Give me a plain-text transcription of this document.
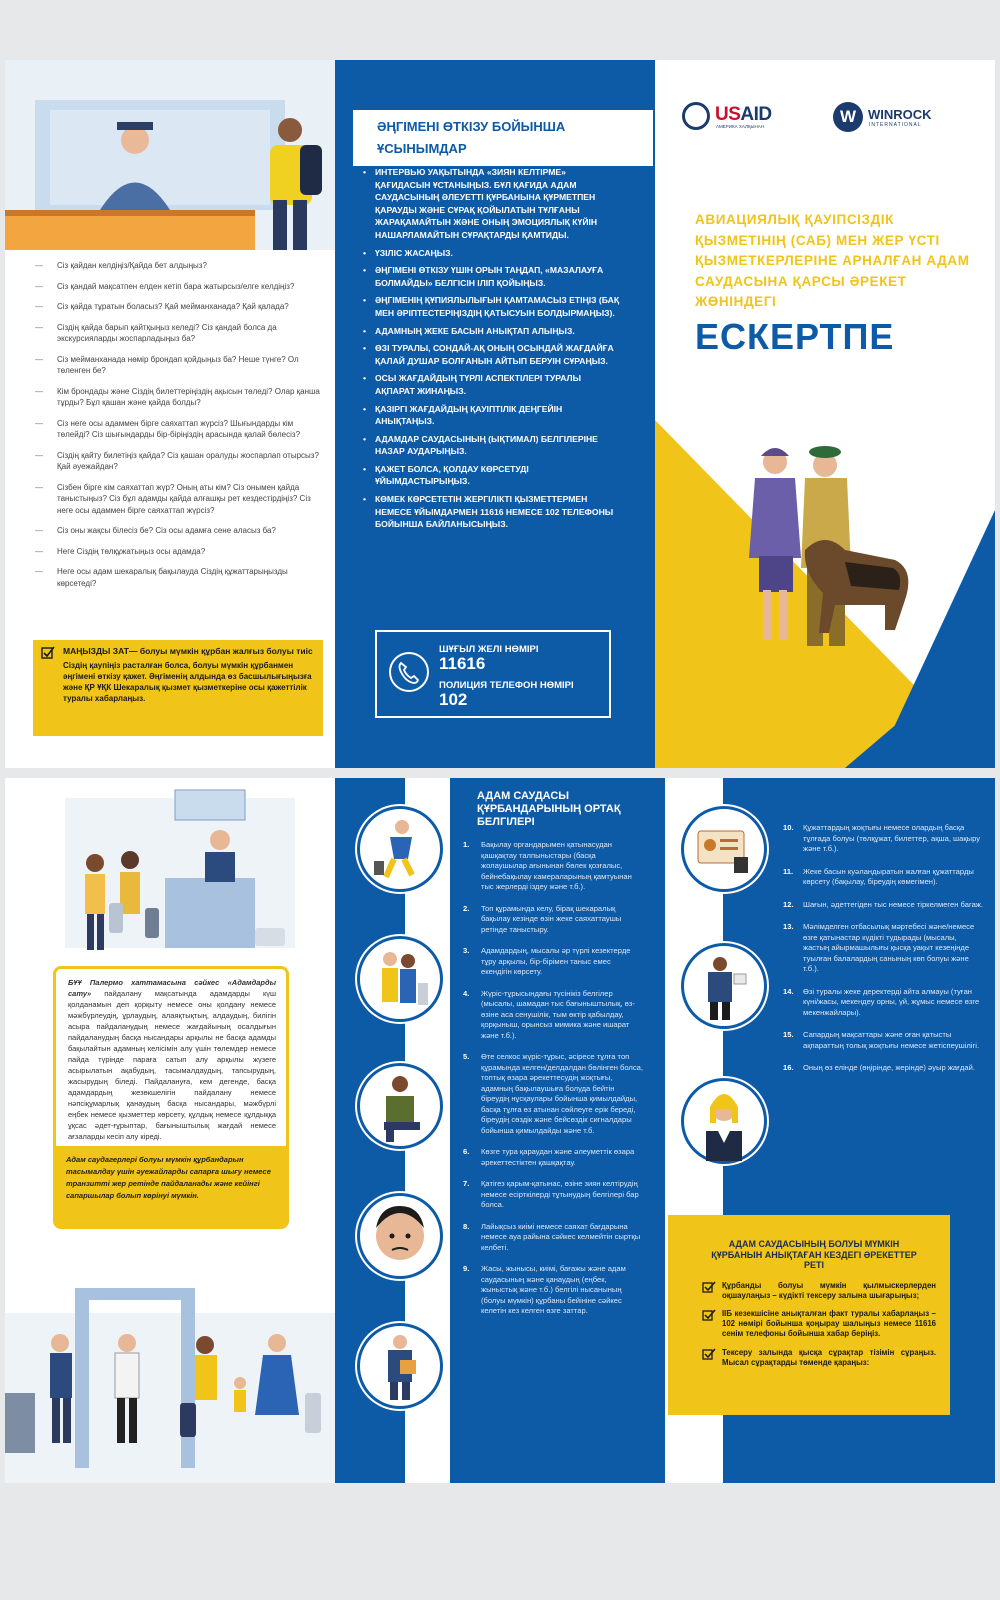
— Сіз қайдан келдіңіз/Қайда бет алдыңыз?
— Сіз қандай мақсатпен елден кетіп бара жатырсыз/елге келдіңіз?
— Сіз қайда тұратын боласыз? Қай мейманханада? Қай қалада?
— Сіздің қайда барып қайтқыңыз келеді? Сіз қандай болса да экскурсияларды жоспарладыңыз ба?
— Сіз мейманханада нөмір брондап қойдыңыз ба? Неше түнге? Ол төленген бе?
— Кім брондады және Сіздің билеттеріңіздің ақысын төледі? Олар қанша тұрды? Бұл қашан және қайда болды?
— Сіз неге осы адаммен бірге саяхаттап жүрсіз? Шығындарды кім төлейді? Сіз шығындарды бір-біріңіздің арасында қалай бөлесіз?
— Сіздің қайту билетіңіз қайда? Сіз қашан оралуды жоспарлап отырсыз? Қай әуежайдан?
— Сізбен бірге кім саяхаттап жүр? Оның аты кім? Сіз онымен қайда таныстыңыз? Сіз бұл адамды қайда алғашқы рет кездестірдіңіз? Сіз неге осы адаммен бірге саяхаттап жүрсіз?
— Сіз оны жақсы білесіз бе? Сіз осы адамға сене аласыз ба?
— Неге Сіздің төлқұжатыңыз осы адамда?
— Неге осы адам шекаралық бақылауда Сіздің құжаттарыңызды көрсетеді?
МАҢЫЗДЫ ЗАТ— болуы мүмкін құрбан жалғыз болуы тиіс
Сіздің қаупіңіз расталған болса, болуы мүмкін құрбанмен әңгімені өткізу қажет. Әңгіменің алдында өз басшылығыңызға және ҚР ҰҚК Шекаралық қызмет қызметкеріне осы қажеттілік туралы хабарлаңыз.
ӘҢГІМЕНІ ӨТКІЗУ БОЙЫНША ҰСЫНЫМДАР
• ИНТЕРВЬЮ УАҚЫТЫНДА «ЗИЯН КЕЛТІРМЕ» ҚАҒИДАСЫН ҰСТАНЫҢЫЗ. БҰЛ ҚАҒИДА АДАМ САУДАСЫНЫҢ ӘЛЕУЕТТІ ҚҰРБАНЫНА ҚҰРМЕТПЕН ҚАРАУДЫ ЖӘНЕ СҰРАҚ ҚОЙЫЛАТЫН ТҰЛҒАНЫ ЖАРАҚАМАЙТЫН ЖӘНЕ ОНЫҢ ЭМОЦИЯЛЫҚ КҮЙІН НАШАРЛАМАЙТЫН СҰРАҚТАРДЫ ҚАМТИДЫ.
• ҮЗІЛІС ЖАСАҢЫЗ.
• ӘҢГІМЕНІ ӨТКІЗУ ҮШІН ОРЫН ТАҢДАП, «МАЗАЛАУҒА БОЛМАЙДЫ» БЕЛГІСІН ІЛІП ҚОЙЫҢЫЗ.
• ӘҢГІМЕНІҢ ҚҰПИЯЛЫЛЫҒЫН ҚАМТАМАСЫЗ ЕТІҢІЗ (БАҚ МЕН ӘРІПТЕСТЕРІҢІЗДІҢ ҚАТЫСУЫН БОЛДЫРМАҢЫЗ).
• АДАМНЫҢ ЖЕКЕ БАСЫН АНЫҚТАП АЛЫҢЫЗ.
• ӨЗІ ТУРАЛЫ, СОНДАЙ-АҚ ОНЫҢ ОСЫНДАЙ ЖАҒДАЙҒА ҚАЛАЙ ДУШАР БОЛҒАНЫН АЙТЫП БЕРУІН СҰРАҢЫЗ.
• ОСЫ ЖАҒДАЙДЫҢ ТҮРЛІ АСПЕКТІЛЕРІ ТУРАЛЫ АҚПАРАТ ЖИНАҢЫЗ.
• ҚАЗІРГІ ЖАҒДАЙДЫҢ ҚАУІПТІЛІК ДЕҢГЕЙІН АНЫҚТАҢЫЗ.
• АДАМДАР САУДАСЫНЫҢ (ЫҚТИМАЛ) БЕЛГІЛЕРІНЕ НАЗАР АУДАРЫҢЫЗ.
• ҚАЖЕТ БОЛСА, ҚОЛДАУ КӨРСЕТУДІ ҰЙЫМДАСТЫРЫҢЫЗ.
• КӨМЕК КӨРСЕТЕТІН ЖЕРГІЛІКТІ ҚЫЗМЕТТЕРМЕН НЕМЕСЕ ҰЙЫМДАРМЕН 11616 НЕМЕСЕ 102 ТЕЛЕФОНЫ БОЙЫНША БАЙЛАНЫСЫҢЫЗ.
ШҰҒЫЛ ЖЕЛІ НӨМІРІ
11616
ПОЛИЦИЯ ТЕЛЕФОН НӨМІРІ
102
USAID
АМЕРИКА ХАЛҚЫНАН
W WINROCK
INTERNATIONAL
АВИАЦИЯЛЫҚ ҚАУІПСІЗДІК ҚЫЗМЕТІНІҢ (САБ) МЕН ЖЕР ҮСТІ ҚЫЗМЕТКЕРЛЕРІНЕ АРНАЛҒАН АДАМ САУДАСЫНА ҚАРСЫ ӘРЕКЕТ ЖӨНІНДЕГІ
ЕСКЕРТПЕ
БҰҰ Палермо хаттамасына сәйкес «Адамдарды сату» пайдалану мақсатында адамдарды күш қолданамын деп қорқыту немесе оны қолдану немесе мәжбүрлеудің, ұрлаудың, алаяқтықтың, алдаудың, билігін асыра пайдаланудың немесе жағдайының осалдығын пайдаланудың басқа нысандары арқылы не басқа адамды бақылайтын адамның келісімін алу үшін төлемдер немесе пайда түрінде параға сатып алу арқылы жүзеге асырылатын ақабудың, тасымалдаудың, тапсырудың, жасырудың біледі. Пайдалануға, кем дегенде, басқа адамдардың жезөкшелігін пайдалану немесе нәпсіқұмарлық қанаудың басқа нысандары, мәжбүрлі еңбек немесе қызметтер көрсету, құлдық немесе құлдыққа ұқсас әдет-ғұрыптар, бағыныштылық жағдай немесе ағзаларды кесіп алу кіреді.
Адам саудагерлері болуы мүмкін құрбандарын тасымалдау үшін әуежайларды сапарға шығу немесе транзитті жер ретінде пайдаланады және кейінгі сапаршылар болып көрінуі мүмкін.
АДАМ САУДАСЫ ҚҰРБАНДАРЫНЫҢ ОРТАҚ БЕЛГІЛЕРІ
1. Бақылау органдарымен қатынасудан қашқақтау талпыныстары (басқа жолаушылар ағынынан бөлек қозғалыс, бейнебақылау камераларының қамтуынан тыс жерлерді іздеу және т.б.).
2. Топ құрамында келу, бірақ шекаралық бақылау кезінде өзін жеке саяхаттаушы ретінде таныстыру.
3. Адамдардың, мысалы әр түрлі кезектерде тұру арқылы, бір-бірімен таныс емес екендігін көрсету.
4. Жүріс-тұрысындағы түсінікіз белгілер (мысалы, шамадан тыс бағыныштылық, өз-өзіне аса сенушілік, тым өктір қабылдау, қорқыныш, орынсыз мимика және ишарат және т.б.).
5. Өте селкос жүріс-тұрыс, әсіресе тұлға топ құрамында келген/делдалдан бөлінген болса, топтық өзара әрекеттесудің жоқтығы, адамның бақылаушыға болуда бейтін біреудің нұсқаулары бойынша қимылдайды, басқа тұлға өз атынан сөйлеуге ерік береді, біреудің сөздік және бейсөздік сигналдары бойынша қимылдайды және т.б.
6. Көзге тура қараудан және әлеуметтік өзара әрекеттестіктен қашқақтау.
7. Қатігез қарым-қатынас, өзіне зиян келтірудің немесе есірткілерді тұтынудың белгілері бар болса.
8. Лайықсыз киімі немесе саяхат бағдарына немесе ауа райына сәйкес келмейтін сыртқы келбеті.
9. Жасы, жынысы, киімі, бағажы және адам саудасының және қанаудың (еңбек, жыныстық және т.б.) белгілі нысанының (болуы мүмкін) құрбаны бейініне сәйкес келетін кез келген өзге заттар.
10. Құжаттардың жоқтығы немесе олардың басқа тұлғада болуы (төлқұжат, билеттер, ақша, шақыру және т.б.).
11. Жеке басын куәландыратын жалған құжаттарды көрсету (бақылау, біреудің көмегімен).
12. Шағын, әдеттегіден тыс немесе тіркелмеген багаж.
13. Мәлімделген отбасылық мәртебесі және/немесе өзге қатынастар күдікті тудырады (мысалы, жастың айырмашылығы қысқа уақыт кезеңінде туылған балалардың санының көп болуы және т.б.).
14. Өзі туралы жеке деректерді айта алмауы (туған күні/жасы, мекендеу орны, үй, жұмыс немесе өзге мекенжайлары).
15. Сапардың мақсаттары және оған қатысты ақпараттың толық жоқтығы немесе жетіспеушілігі.
16. Оның өз елінде (өңірінде, жерінде) әуыр жағдай.
АДАМ САУДАСЫНЫҢ БОЛУЫ МҮМКІН ҚҰРБАНЫН АНЫҚТАҒАН КЕЗДЕГІ ӘРЕКЕТТЕР РЕТІ
Құрбанды болуы мүмкін қылмыскерлерден оқшаулаңыз – күдікті тексеру залына шығарыңыз;
ІІБ кезекшісіне анықталған факт туралы хабарлаңыз – 102 нөмірі бойынша қоңырау шалыңыз немесе 11616 сенім телефоны бойынша хабар беріңіз.
Тексеру залында қысқа сұрақтар тізімін сұраңыз. Мысал сұрақтарды төменде қараңыз:
